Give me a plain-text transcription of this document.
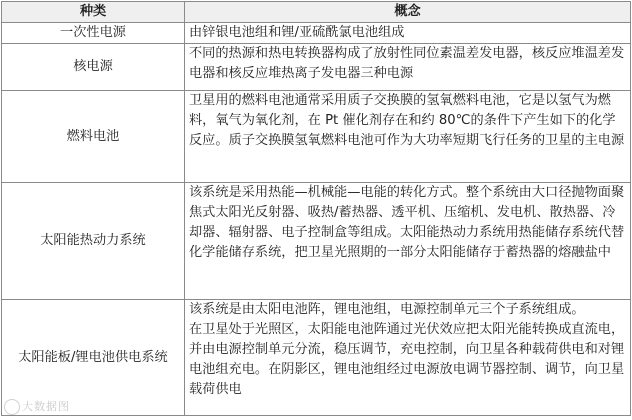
种类	概念
一次性电源	由锌银电池组和锂/亚硫酰氯电池组成
核电源	不同的热源和热电转换器构成了放射性同位素温差发电器，核反应堆温差发电器和核反应堆热离子发电器三种电源
燃料电池	卫星用的燃料电池通常采用质子交换膜的氢氧燃料电池，它是以氢气为燃料，氧气为氧化剂，在 Pt 催化剂存在和约 80℃的条件下产生如下的化学反应。质子交换膜氢氧燃料电池可作为大功率短期飞行任务的卫星的主电源
太阳能热动力系统	该系统是采用热能—机械能—电能的转化方式。整个系统由大口径抛物面聚焦式太阳光反射器、吸热/蓄热器、透平机、压缩机、发电机、散热器、冷却器、辐射器、电子控制盒等组成。太阳能热动力系统用热能储存系统代替化学能储存系统，把卫星光照期的一部分太阳能储存于蓄热器的熔融盐中
太阳能板/锂电池供电系统	该系统是由太阳电池阵，锂电池组，电源控制单元三个子系统组成。
在卫星处于光照区，太阳能电池阵通过光伏效应把太阳光能转换成直流电，并由电源控制单元分流，稳压调节，充电控制，向卫星各种载荷供电和对锂电池组充电。在阴影区，锂电池组经过电源放电调节器控制、调节，向卫星载荷供电
大数据图
